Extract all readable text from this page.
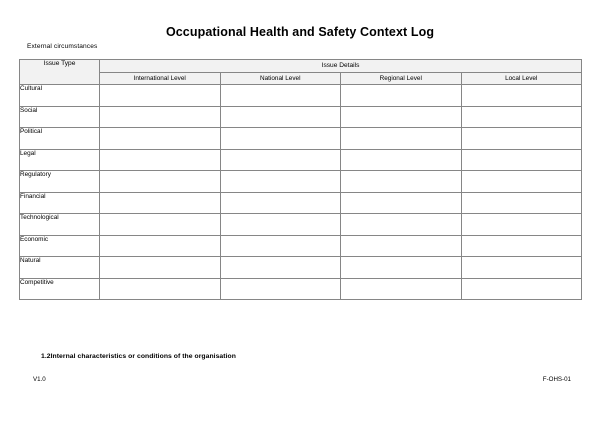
Occupational Health and Safety Context Log
External circumstances
Issue Type	Issue Details			
	International Level	National Level	Regional Level	Local Level
Cultural				
Social				
Political				
Legal				
Regulatory				
Financial				
Technological				
Economic				
Natural				
Competitive				
1.2Internal characteristics or conditions of the organisation
V1.0	F-OHS-01
